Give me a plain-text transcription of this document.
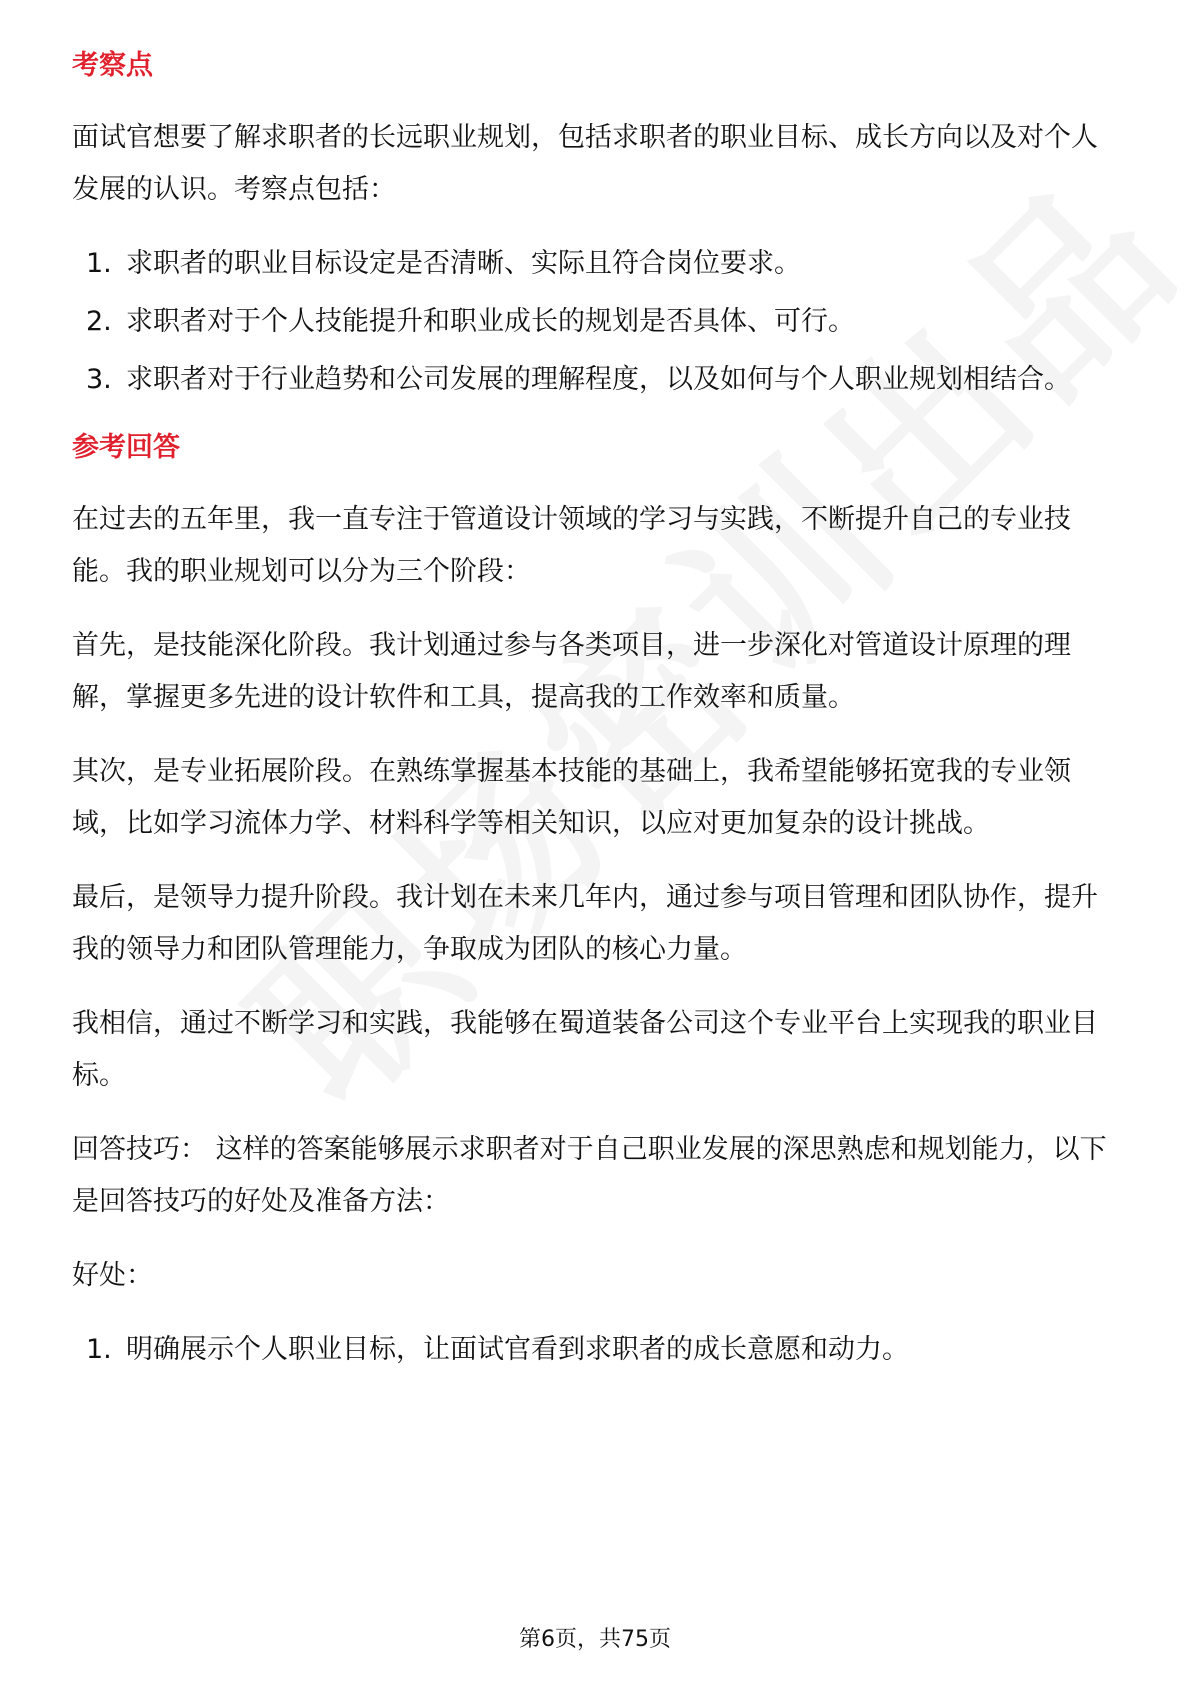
考察点

面试官想要了解求职者的长远职业规划，包括求职者的职业目标、成长方向以及对个人发展的认识。考察点包括：

1. 求职者的职业目标设定是否清晰、实际且符合岗位要求。
2. 求职者对于个人技能提升和职业成长的规划是否具体、可行。
3. 求职者对于行业趋势和公司发展的理解程度，以及如何与个人职业规划相结合。
参考回答

在过去的五年里，我一直专注于管道设计领域的学习与实践，不断提升自己的专业技能。我的职业规划可以分为三个阶段：

首先，是技能深化阶段。我计划通过参与各类项目，进一步深化对管道设计原理的理解，掌握更多先进的设计软件和工具，提高我的工作效率和质量。

其次，是专业拓展阶段。在熟练掌握基本技能的基础上，我希望能够拓宽我的专业领域，比如学习流体力学、材料科学等相关知识，以应对更加复杂的设计挑战。

最后，是领导力提升阶段。我计划在未来几年内，通过参与项目管理和团队协作，提升我的领导力和团队管理能力，争取成为团队的核心力量。

我相信，通过不断学习和实践，我能够在蜀道装备公司这个专业平台上实现我的职业目标。

回答技巧： 这样的答案能够展示求职者对于自己职业发展的深思熟虑和规划能力，以下是回答技巧的好处及准备方法：

好处：

1. 明确展示个人职业目标，让面试官看到求职者的成长意愿和动力。
第6页，共75页
